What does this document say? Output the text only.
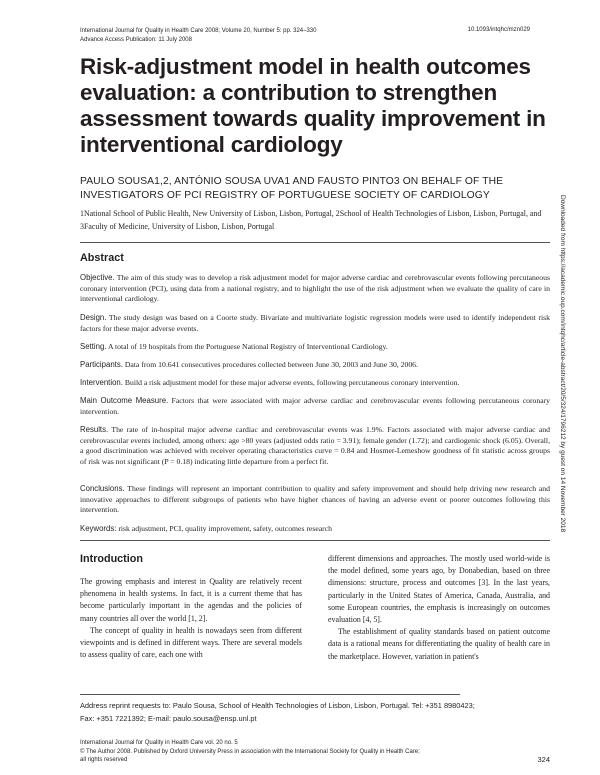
International Journal for Quality in Health Care 2008; Volume 20, Number 5: pp. 324–330
Advance Access Publication: 11 July 2008
10.1093/intqhc/mzn029
Risk-adjustment model in health outcomes evaluation: a contribution to strengthen assessment towards quality improvement in interventional cardiology
PAULO SOUSA1,2, ANTÓNIO SOUSA UVA1 AND FAUSTO PINTO3 ON BEHALF OF THE INVESTIGATORS OF PCI REGISTRY OF PORTUGUESE SOCIETY OF CARDIOLOGY
1National School of Public Health, New University of Lisbon, Lisbon, Portugal, 2School of Health Technologies of Lisbon, Lisbon, Portugal, and 3Faculty of Medicine, University of Lisbon, Lisbon, Portugal
Abstract

Objective. The aim of this study was to develop a risk adjustment model for major adverse cardiac and cerebrovascular events following percutaneous coronary intervention (PCI), using data from a national registry, and to highlight the use of the risk adjustment when we evaluate the quality of care in interventional cardiology.

Design. The study design was based on a Coorte study. Bivariate and multivariate logistic regression models were used to identify independent risk factors for these major adverse events.

Setting. A total of 19 hospitals from the Portuguese National Registry of Interventional Cardiology.

Participants. Data from 10.641 consecutives procedures collected between June 30, 2003 and June 30, 2006.

Intervention. Build a risk adjustment model for these major adverse events, following percutaneous coronary intervention.

Main Outcome Measure. Factors that were associated with major adverse cardiac and cerebrovascular events following percutaneous coronary intervention.

Results. The rate of in-hospital major adverse cardiac and cerebrovascular events was 1.9%. Factors associated with major adverse cardiac and cerebrovascular events included, among others: age >80 years (adjusted odds ratio = 3.91); female gender (1.72); and cardiogenic shock (6.05). Overall, a good discrimination was achieved with receiver operating characteristics curve = 0.84 and Hosmer-Lemeshow goodness of fit statistic across groups of risk was not significant (P = 0.18) indicating little departure from a perfect fit.

Conclusions. These findings will represent an important contribution to quality and safety improvement and should help driving new research and innovative approaches to different subgroups of patients who have higher chances of having an adverse event or poorer outcomes following this intervention.

Keywords: risk adjustment, PCI, quality improvement, safety, outcomes research

Introduction

The growing emphasis and interest in Quality are relatively recent phenomena in health systems. In fact, it is a current theme that has become particularly important in the agendas and the policies of many countries all over the world [1, 2].

The concept of quality in health is nowadays seen from different viewpoints and is defined in different ways. There are several models to assess quality of care, each one with

different dimensions and approaches. The mostly used world-wide is the model defined, some years ago, by Donabedian, based on three dimensions: structure, process and outcomes [3]. In the last years, particularly in the United States of America, Canada, Australia, and some European countries, the emphasis is increasingly on outcomes evaluation [4, 5].

The establishment of quality standards based on patient outcome data is a rational means for differentiating the quality of health care in the marketplace. However, variation in patient's

Address reprint requests to: Paulo Sousa, School of Health Technologies of Lisbon, Lisbon, Portugal. Tel: +351 8980423;
Fax: +351 7221392; E-mail: paulo.sousa@ensp.unl.pt
International Journal for Quality in Health Care vol. 20 no. 5
© The Author 2008. Published by Oxford University Press in association with the International Society for Quality in Health Care;
all rights reserved	324
Downloaded from https://academic.oup.com/intqhc/article-abstract/20/5/324/1796212 by guest on 14 November 2018
